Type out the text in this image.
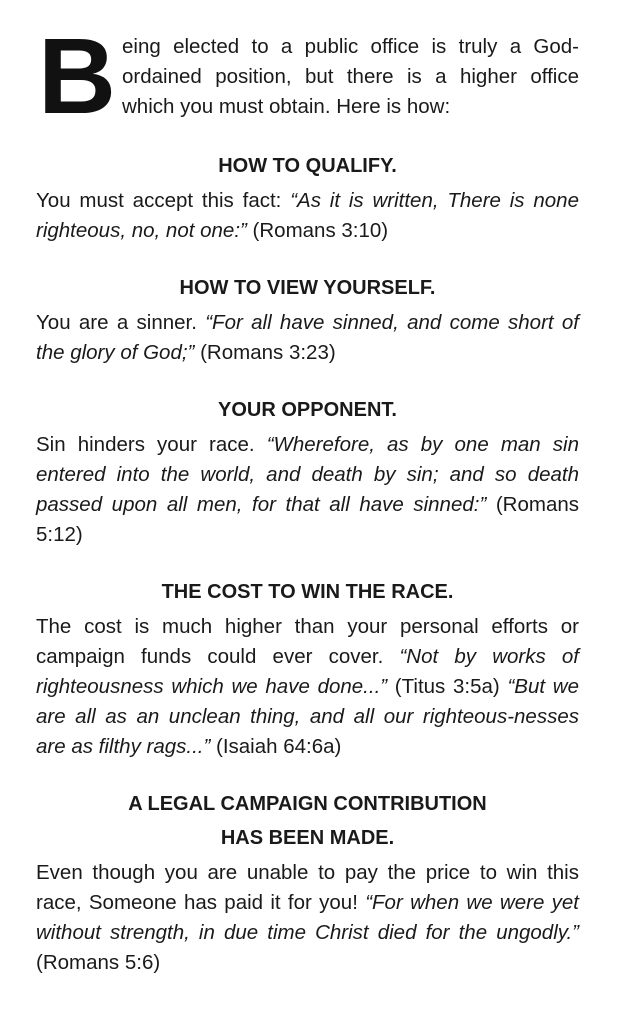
B eing elected to a public office is truly a God-ordained position, but there is a higher office which you must obtain. Here is how:
HOW TO QUALIFY.

You must accept this fact: “As it is written, There is none righteous, no, not one:” (Romans 3:10)

HOW TO VIEW YOURSELF.

You are a sinner. “For all have sinned, and come short of the glory of God;” (Romans 3:23)

YOUR OPPONENT.

Sin hinders your race. “Wherefore, as by one man sin entered into the world, and death by sin; and so death passed upon all men, for that all have sinned:” (Romans 5:12)

THE COST TO WIN THE RACE.

The cost is much higher than your personal efforts or campaign funds could ever cover. “Not by works of righteousness which we have done...” (Titus 3:5a) “But we are all as an unclean thing, and all our righteous-nesses are as filthy rags...” (Isaiah 64:6a)

A LEGAL CAMPAIGN CONTRIBUTION
HAS BEEN MADE.

Even though you are unable to pay the price to win this race, Someone has paid it for you! “For when we were yet without strength, in due time Christ died for the ungodly.” (Romans 5:6)
